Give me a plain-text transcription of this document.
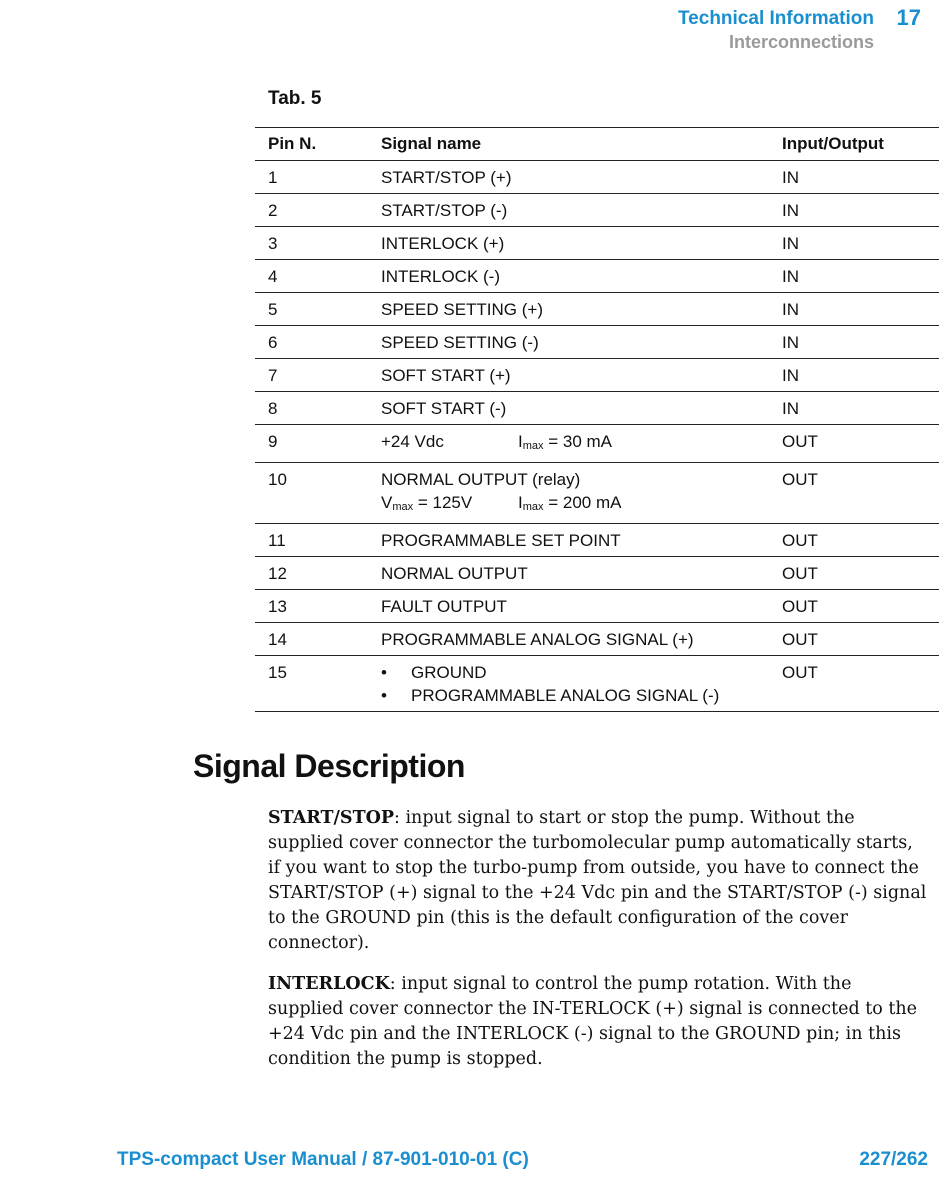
Technical Information 17
Interconnections
Tab. 5
Pin N.	Signal name	Input/Output
1	START/STOP (+)	IN
2	START/STOP (-)	IN
3	INTERLOCK (+)	IN
4	INTERLOCK (-)	IN
5	SPEED SETTING (+)	IN
6	SPEED SETTING (-)	IN
7	SOFT START (+)	IN
8	SOFT START (-)	IN
9	+24 Vdc Imax = 30 mA	OUT
10	NORMAL OUTPUT (relay)
Vmax = 125V Imax = 200 mA	OUT
11	PROGRAMMABLE SET POINT	OUT
12	NORMAL OUTPUT	OUT
13	FAULT OUTPUT	OUT
14	PROGRAMMABLE ANALOG SIGNAL (+)	OUT
15	• GROUND
• PROGRAMMABLE ANALOG SIGNAL (-)	OUT
Signal Description

START/STOP: input signal to start or stop the pump. Without the supplied cover connector the turbomolecular pump automatically starts, if you want to stop the turbo-pump from outside, you have to connect the START/STOP (+) signal to the +24 Vdc pin and the START/STOP (-) signal to the GROUND pin (this is the default configuration of the cover connector).

INTERLOCK: input signal to control the pump rotation. With the supplied cover connector the IN-TERLOCK (+) signal is connected to the +24 Vdc pin and the INTERLOCK (-) signal to the GROUND pin; in this condition the pump is stopped.

TPS-compact User Manual / 87-901-010-01 (C)	227/262
